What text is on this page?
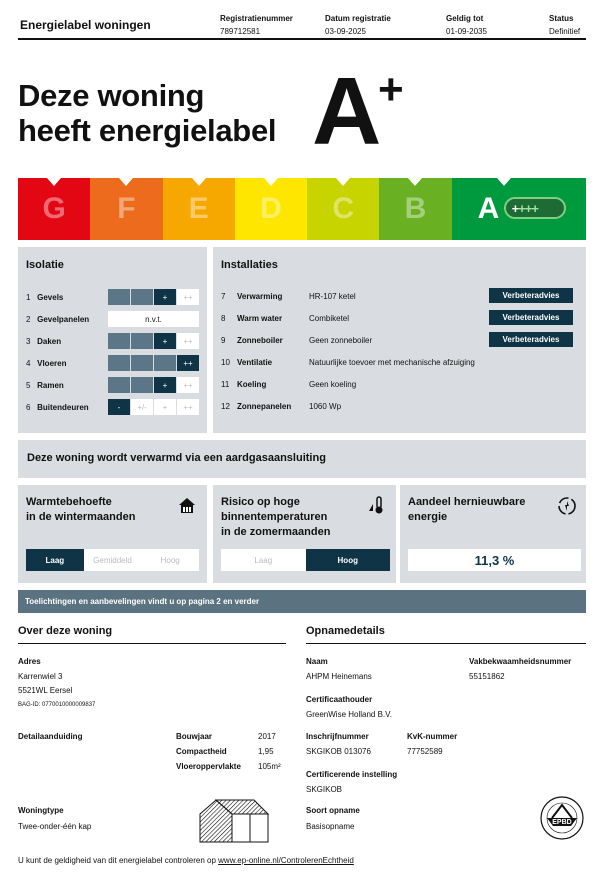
Energielabel woningen	Registratienummer
789712581
Datum registratie
03-09-2025
Geldig tot
01-09-2035
Status
Definitief
Deze woning
heeft energielabel A
+
G F E D C B A + +++
Isolatie
1 Gevels	+	++
2 Gevelpanelen	n.v.t.
3 Daken	+	++
4 Vloeren	++
5 Ramen	+	++
6 Buitendeuren	-	+/-	+	++
Installaties
7 Verwarming	HR-107 ketel	Verbeteradvies
8 Warm water	Combiketel	Verbeteradvies
9 Zonneboiler	Geen zonneboiler	Verbeteradvies
10 Ventilatie	Natuurlijke toevoer met mechanische afzuiging
11 Koeling	Geen koeling
12 Zonnepanelen 1060 Wp
Deze woning wordt verwarmd via een aardgasaansluiting
Warmtebehoefte
in de wintermaanden
Laag	Gemiddeld	Hoog
Risico op hoge
binnentemperaturen
in de zomermaanden
Laag	Hoog
Aandeel hernieuwbare
energie
11,3 %
Toelichtingen en aanbevelingen vindt u op pagina 2 en verder
Over deze woning
Adres
Karrenwiel 3
5521WL Eersel
BAG-ID: 0770010000009837
Detailaanduiding	Bouwjaar	2017
Compactheid	1,95
Vloeroppervlakte 105m²
Woningtype
Twee-onder-één kap
Opnamedetails
Naam
AHPM Heinemans
Vakbekwaamheidsnummer
55151862
Certificaathouder
GreenWise Holland B.V.
Inschrijfnummer
SKGIKOB 013076
KvK-nummer
77752589
Certificerende instelling
SKGIKOB
Soort opname
Basisopname	EPBD
U kunt de geldigheid van dit energielabel controleren op www.ep-online.nl/ControlerenEchtheid
